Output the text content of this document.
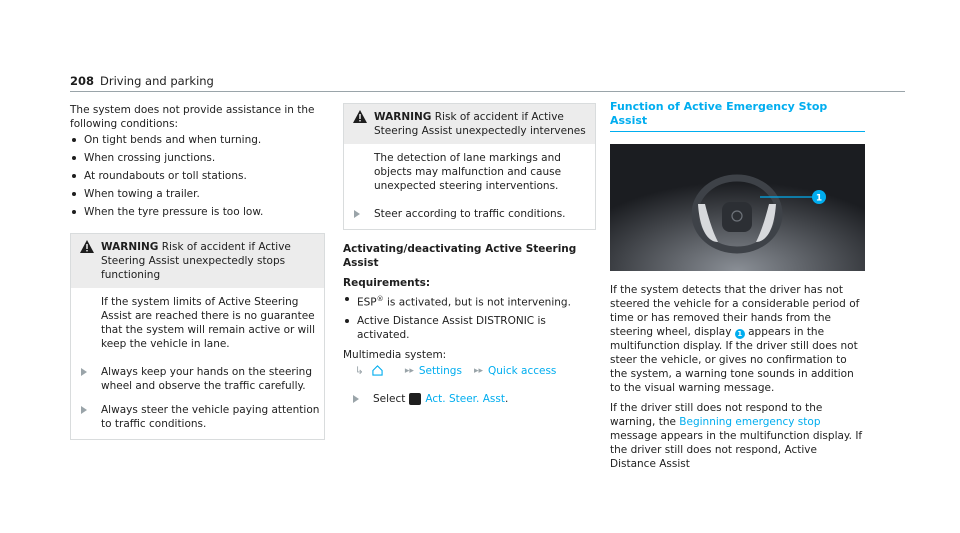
208 Driving and parking

The system does not provide assistance in the following conditions:

On tight bends and when turning.
When crossing junctions.
At roundabouts or toll stations.
When towing a trailer.
When the tyre pressure is too low.
WARNING Risk of accident if Active Steering Assist unexpectedly stops functioning

If the system limits of Active Steering Assist are reached there is no guarantee that the system will remain active or will keep the vehicle in lane.

Always keep your hands on the steering wheel and observe the traffic carefully.
Always steer the vehicle paying attention to traffic conditions.
WARNING Risk of accident if Active Steering Assist unexpectedly intervenes

The detection of lane markings and objects may malfunction and cause unexpected steering interventions.

Steer according to traffic conditions.

Activating/deactivating Active Steering Assist

Requirements:

ESP® is activated, but is not intervening.
Active Distance Assist DISTRONIC is activated.

Multimedia system:

↳	▸▸ Settings ▸▸ Quick access
Select Act. Steer. Asst .
Function of Active Emergency Stop Assist
1

If the system detects that the driver has not steered the vehicle for a considerable period of time or has removed their hands from the steering wheel, display 1 appears in the multifunction display. If the driver still does not steer the vehicle, or gives no confirmation to the system, a warning tone sounds in addition to the visual warning message.

If the driver still does not respond to the warning, the Beginning emergency stop message appears in the multifunction display. If the driver still does not respond, Active Distance Assist
